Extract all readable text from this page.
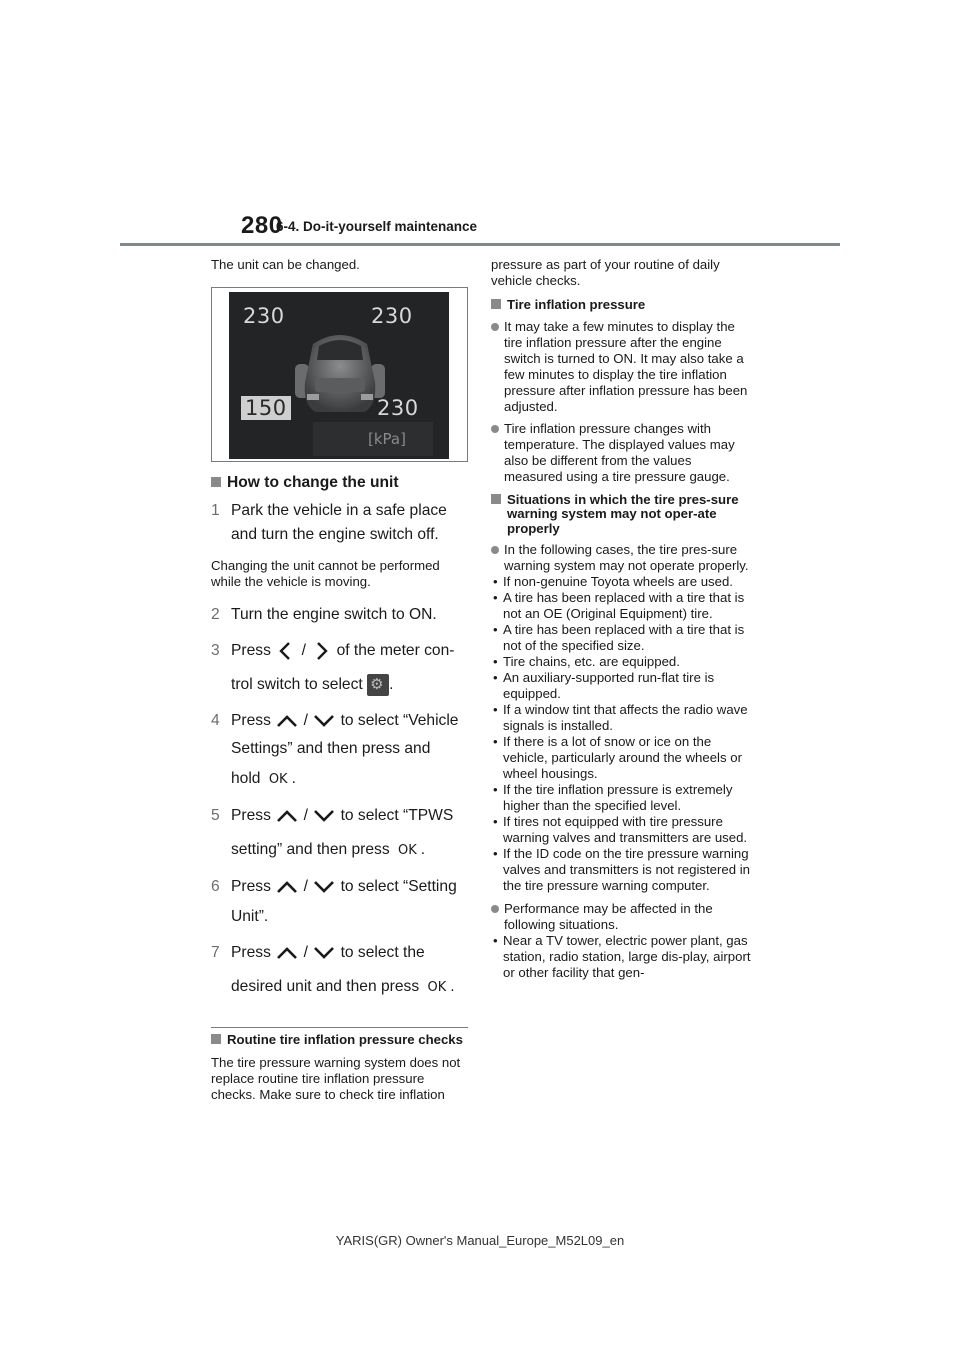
280
6-4. Do-it-yourself maintenance
The unit can be changed.
230	230
150	230
[kPa]
How to change the unit
1 Park the vehicle in a safe place
and turn the engine switch off.
Changing the unit cannot be performed while the vehicle is moving.
2 Turn the engine switch to ON.
3 Press / of the meter con-
trol switch to select ⚙ .
4 Press / to select “Vehicle
Settings” and then press and
hold OK .
5 Press / to select “TPWS
setting” and then press OK .
6 Press / to select “Setting
Unit”.
7 Press / to select the
desired unit and then press OK .
Routine tire inflation pressure checks
The tire pressure warning system does not replace routine tire inflation pressure checks. Make sure to check tire inflation
pressure as part of your routine of daily vehicle checks.
Tire inflation pressure
It may take a few minutes to display the tire inflation pressure after the engine switch is turned to ON. It may also take a few minutes to display the tire inflation pressure after inflation pressure has been adjusted.
Tire inflation pressure changes with temperature. The displayed values may also be different from the values measured using a tire pressure gauge.
Situations in which the tire pres-sure warning system may not oper-ate properly
In the following cases, the tire pres-sure warning system may not operate properly.
• If non-genuine Toyota wheels are used.
• A tire has been replaced with a tire that is not an OE (Original Equipment) tire.
• A tire has been replaced with a tire that is not of the specified size.
• Tire chains, etc. are equipped.
• An auxiliary-supported run-flat tire is equipped.
• If a window tint that affects the radio wave signals is installed.
• If there is a lot of snow or ice on the vehicle, particularly around the wheels or wheel housings.
• If the tire inflation pressure is extremely higher than the specified level.
• If tires not equipped with tire pressure warning valves and transmitters are used.
• If the ID code on the tire pressure warning valves and transmitters is not registered in the tire pressure warning computer.
Performance may be affected in the following situations.
• Near a TV tower, electric power plant, gas station, radio station, large dis-play, airport or other facility that gen-
YARIS(GR) Owner's Manual_Europe_M52L09_en
